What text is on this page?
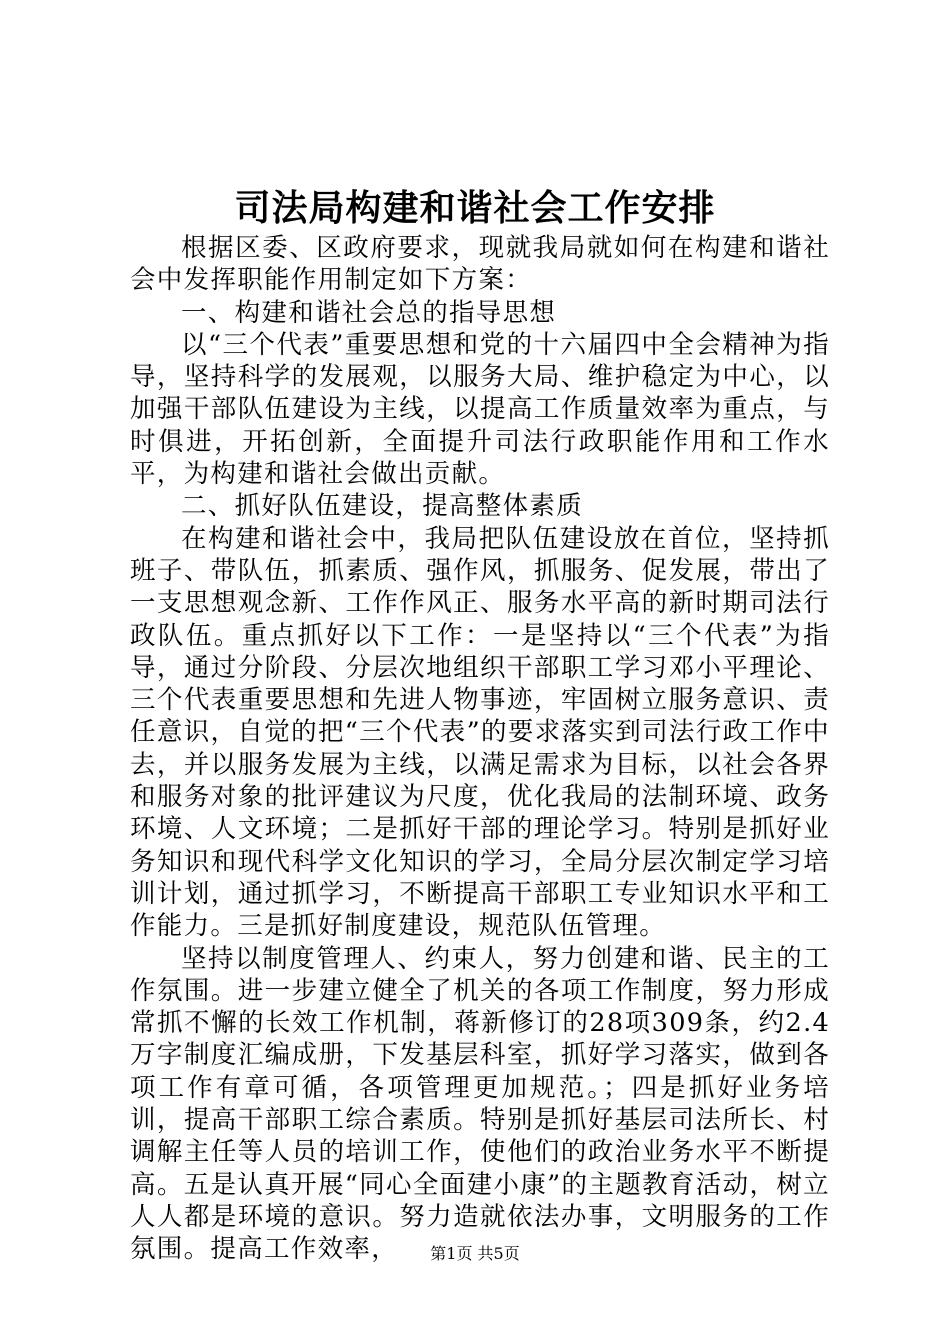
司法局构建和谐社会工作安排

根据区委、区政府要求，现就我局就如何在构建和谐社会中发挥职能作用制定如下方案：

一、构建和谐社会总的指导思想

以“三个代表”重要思想和党的十六届四中全会精神为指导，坚持科学的发展观，以服务大局、维护稳定为中心，以加强干部队伍建设为主线，以提高工作质量效率为重点，与时俱进，开拓创新，全面提升司法行政职能作用和工作水平，为构建和谐社会做出贡献。

二、抓好队伍建设，提高整体素质

在构建和谐社会中，我局把队伍建设放在首位，坚持抓班子、带队伍，抓素质、强作风，抓服务、促发展，带出了一支思想观念新、工作作风正、服务水平高的新时期司法行政队伍。重点抓好以下工作：一是坚持以“三个代表”为指导，通过分阶段、分层次地组织干部职工学习邓小平理论、三个代表重要思想和先进人物事迹，牢固树立服务意识、责任意识，自觉的把“三个代表”的要求落实到司法行政工作中去，并以服务发展为主线，以满足需求为目标，以社会各界和服务对象的批评建议为尺度，优化我局的法制环境、政务环境、人文环境；二是抓好干部的理论学习。特别是抓好业务知识和现代科学文化知识的学习，全局分层次制定学习培训计划，通过抓学习，不断提高干部职工专业知识水平和工作能力。三是抓好制度建设，规范队伍管理。

坚持以制度管理人、约束人，努力创建和谐、民主的工作氛围。进一步建立健全了机关的各项工作制度，努力形成常抓不懈的长效工作机制，蒋新修订的28项309条，约2.4万字制度汇编成册，下发基层科室，抓好学习落实，做到各项工作有章可循，各项管理更加规范。；四是抓好业务培训，提高干部职工综合素质。特别是抓好基层司法所长、村调解主任等人员的培训工作，使他们的政治业务水平不断提高。五是认真开展“同心全面建小康”的主题教育活动，树立人人都是环境的意识。努力造就依法办事，文明服务的工作氛围。提高工作效率，	第1页 共5页
